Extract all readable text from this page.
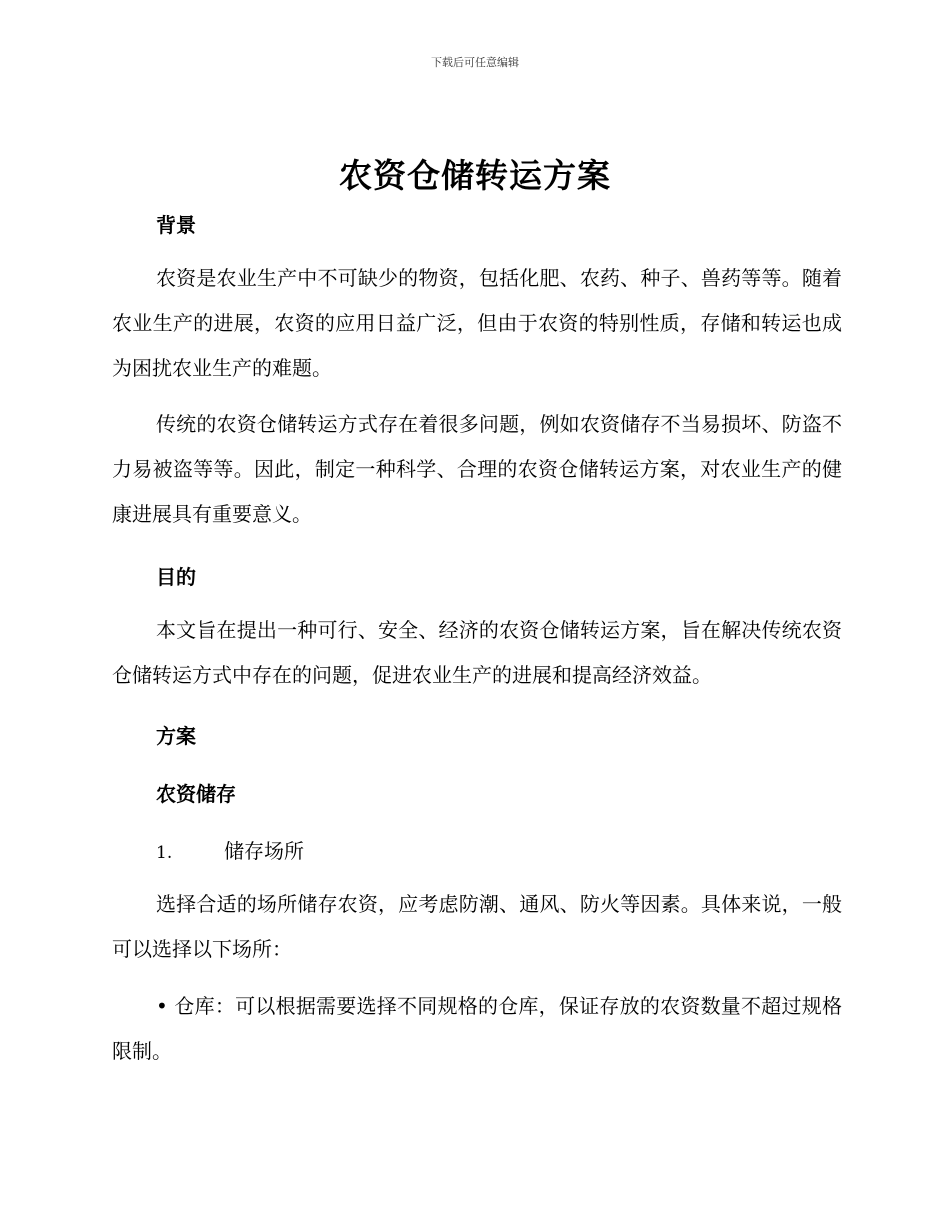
下载后可任意编辑
农资仓储转运方案
背景

农资是农业生产中不可缺少的物资，包括化肥、农药、种子、兽药等等。随着农业生产的进展，农资的应用日益广泛，但由于农资的特别性质，存储和转运也成为困扰农业生产的难题。

传统的农资仓储转运方式存在着很多问题，例如农资储存不当易损坏、防盗不力易被盗等等。因此，制定一种科学、合理的农资仓储转运方案，对农业生产的健康进展具有重要意义。

目的

本文旨在提出一种可行、安全、经济的农资仓储转运方案，旨在解决传统农资仓储转运方式中存在的问题，促进农业生产的进展和提高经济效益。

方案
农资储存
1.	储存场所

选择合适的场所储存农资，应考虑防潮、通风、防火等因素。具体来说，一般可以选择以下场所：

• 仓库：可以根据需要选择不同规格的仓库，保证存放的农资数量不超过规格限制。
